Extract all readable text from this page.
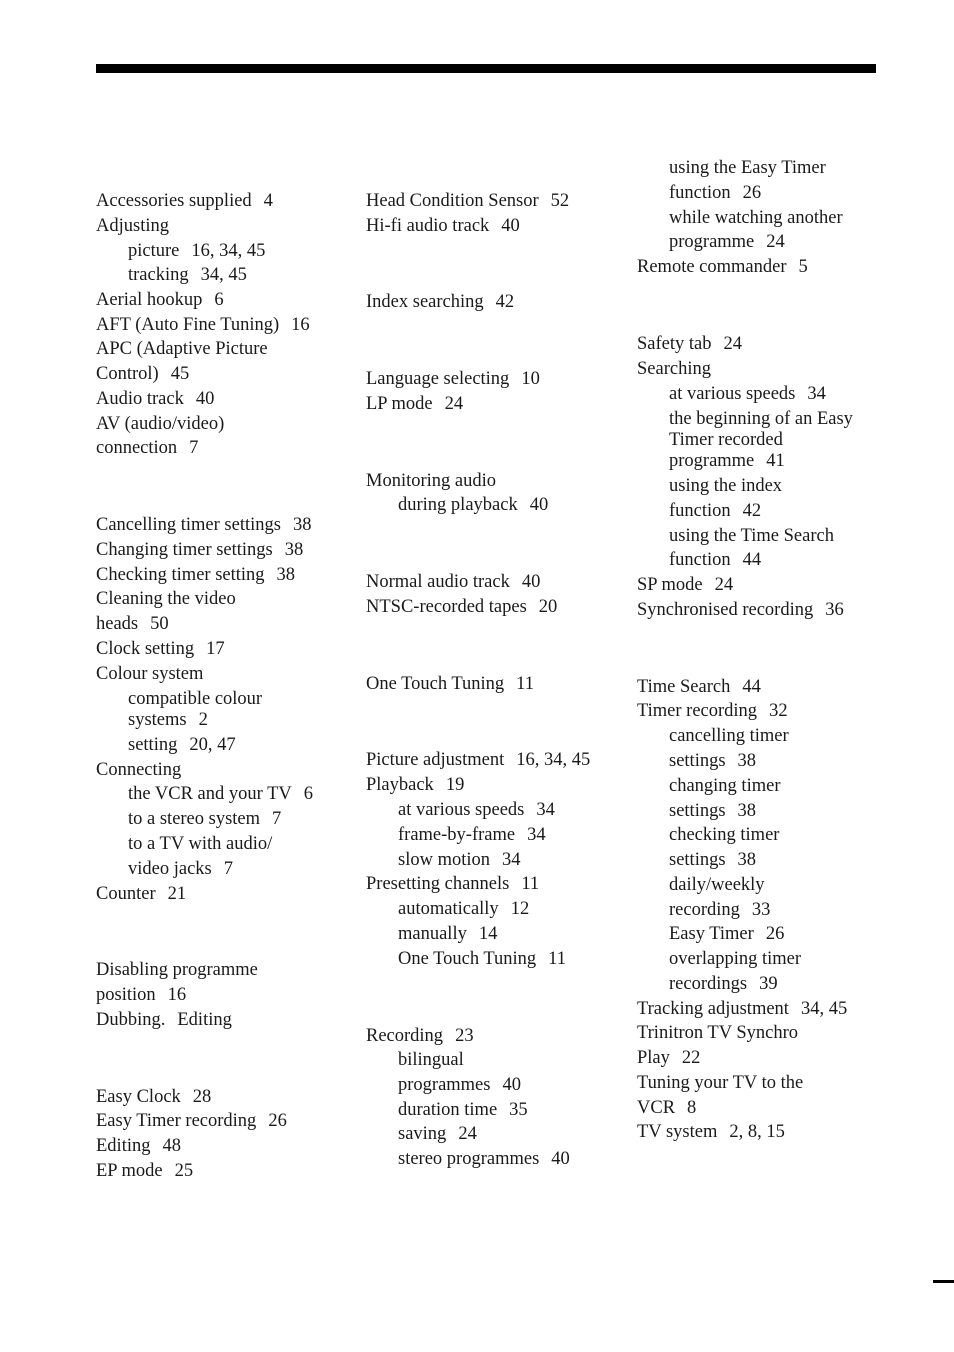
Accessories supplied 4
Adjusting
picture 16, 34, 45
tracking 34, 45
Aerial hookup 6
AFT (Auto Fine Tuning) 16
APC (Adaptive Picture
Control) 45
Audio track 40
AV (audio/video)
connection 7
Cancelling timer settings 38
Changing timer settings 38
Checking timer setting 38
Cleaning the video
heads 50
Clock setting 17
Colour system
compatible colour
systems 2
setting 20, 47
Connecting
the VCR and your TV 6
to a stereo system 7
to a TV with audio/
video jacks 7
Counter 21
Disabling programme
position 16
Dubbing. Editing
Easy Clock 28
Easy Timer recording 26
Editing 48
EP mode 25
Head Condition Sensor 52
Hi-fi audio track 40
Index searching 42
Language selecting 10
LP mode 24
Monitoring audio
during playback 40
Normal audio track 40
NTSC-recorded tapes 20
One Touch Tuning 11
Picture adjustment 16, 34, 45
Playback 19
at various speeds 34
frame-by-frame 34
slow motion 34
Presetting channels 11
automatically 12
manually 14
One Touch Tuning 11
Recording 23
bilingual
programmes 40
duration time 35
saving 24
stereo programmes 40
using the Easy Timer
function 26
while watching another
programme 24
Remote commander 5
Safety tab 24
Searching
at various speeds 34
the beginning of an Easy
Timer recorded
programme 41
using the index
function 42
using the Time Search
function 44
SP mode 24
Synchronised recording 36
Time Search 44
Timer recording 32
cancelling timer
settings 38
changing timer
settings 38
checking timer
settings 38
daily/weekly
recording 33
Easy Timer 26
overlapping timer
recordings 39
Tracking adjustment 34, 45
Trinitron TV Synchro
Play 22
Tuning your TV to the
VCR 8
TV system 2, 8, 15
